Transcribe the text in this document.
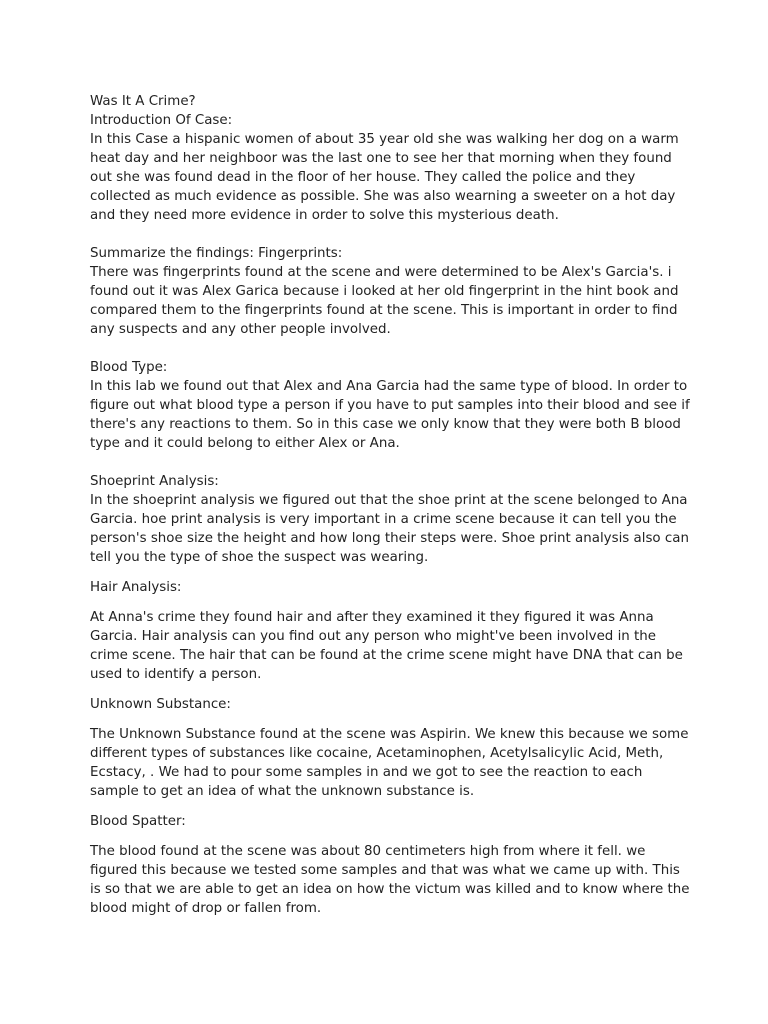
Was It A Crime?

Introduction Of Case:

In this Case a hispanic women of about 35 year old she was walking her dog on a warm heat day and her neighboor was the last one to see her that morning when they found out she was found dead in the floor of her house. They called the police and they collected as much evidence as possible. She was also wearning a sweeter on a hot day and they need more evidence in order to solve this mysterious death.

Summarize the findings: Fingerprints:

There was fingerprints found at the scene and were determined to be Alex's Garcia's. i found out it was Alex Garica because i looked at her old fingerprint in the hint book and compared them to the fingerprints found at the scene. This is important in order to find any suspects and any other people involved.

Blood Type:

In this lab we found out that Alex and Ana Garcia had the same type of blood. In order to figure out what blood type a person if you have to put samples into their blood and see if there's any reactions to them. So in this case we only know that they were both B blood type and it could belong to either Alex or Ana.

Shoeprint Analysis:

In the shoeprint analysis we figured out that the shoe print at the scene belonged to Ana Garcia. hoe print analysis is very important in a crime scene because it can tell you the person's shoe size the height and how long their steps were. Shoe print analysis also can tell you the type of shoe the suspect was wearing.

Hair Analysis:

At Anna's crime they found hair and after they examined it they figured it was Anna Garcia. Hair analysis can you find out any person who might've been involved in the crime scene. The hair that can be found at the crime scene might have DNA that can be used to identify a person.

Unknown Substance:

The Unknown Substance found at the scene was Aspirin. We knew this because we some different types of substances like cocaine, Acetaminophen, Acetylsalicylic Acid, Meth, Ecstacy, . We had to pour some samples in and we got to see the reaction to each sample to get an idea of what the unknown substance is.

Blood Spatter:

The blood found at the scene was about 80 centimeters high from where it fell. we figured this because we tested some samples and that was what we came up with. This is so that we are able to get an idea on how the victum was killed and to know where the blood might of drop or fallen from.
